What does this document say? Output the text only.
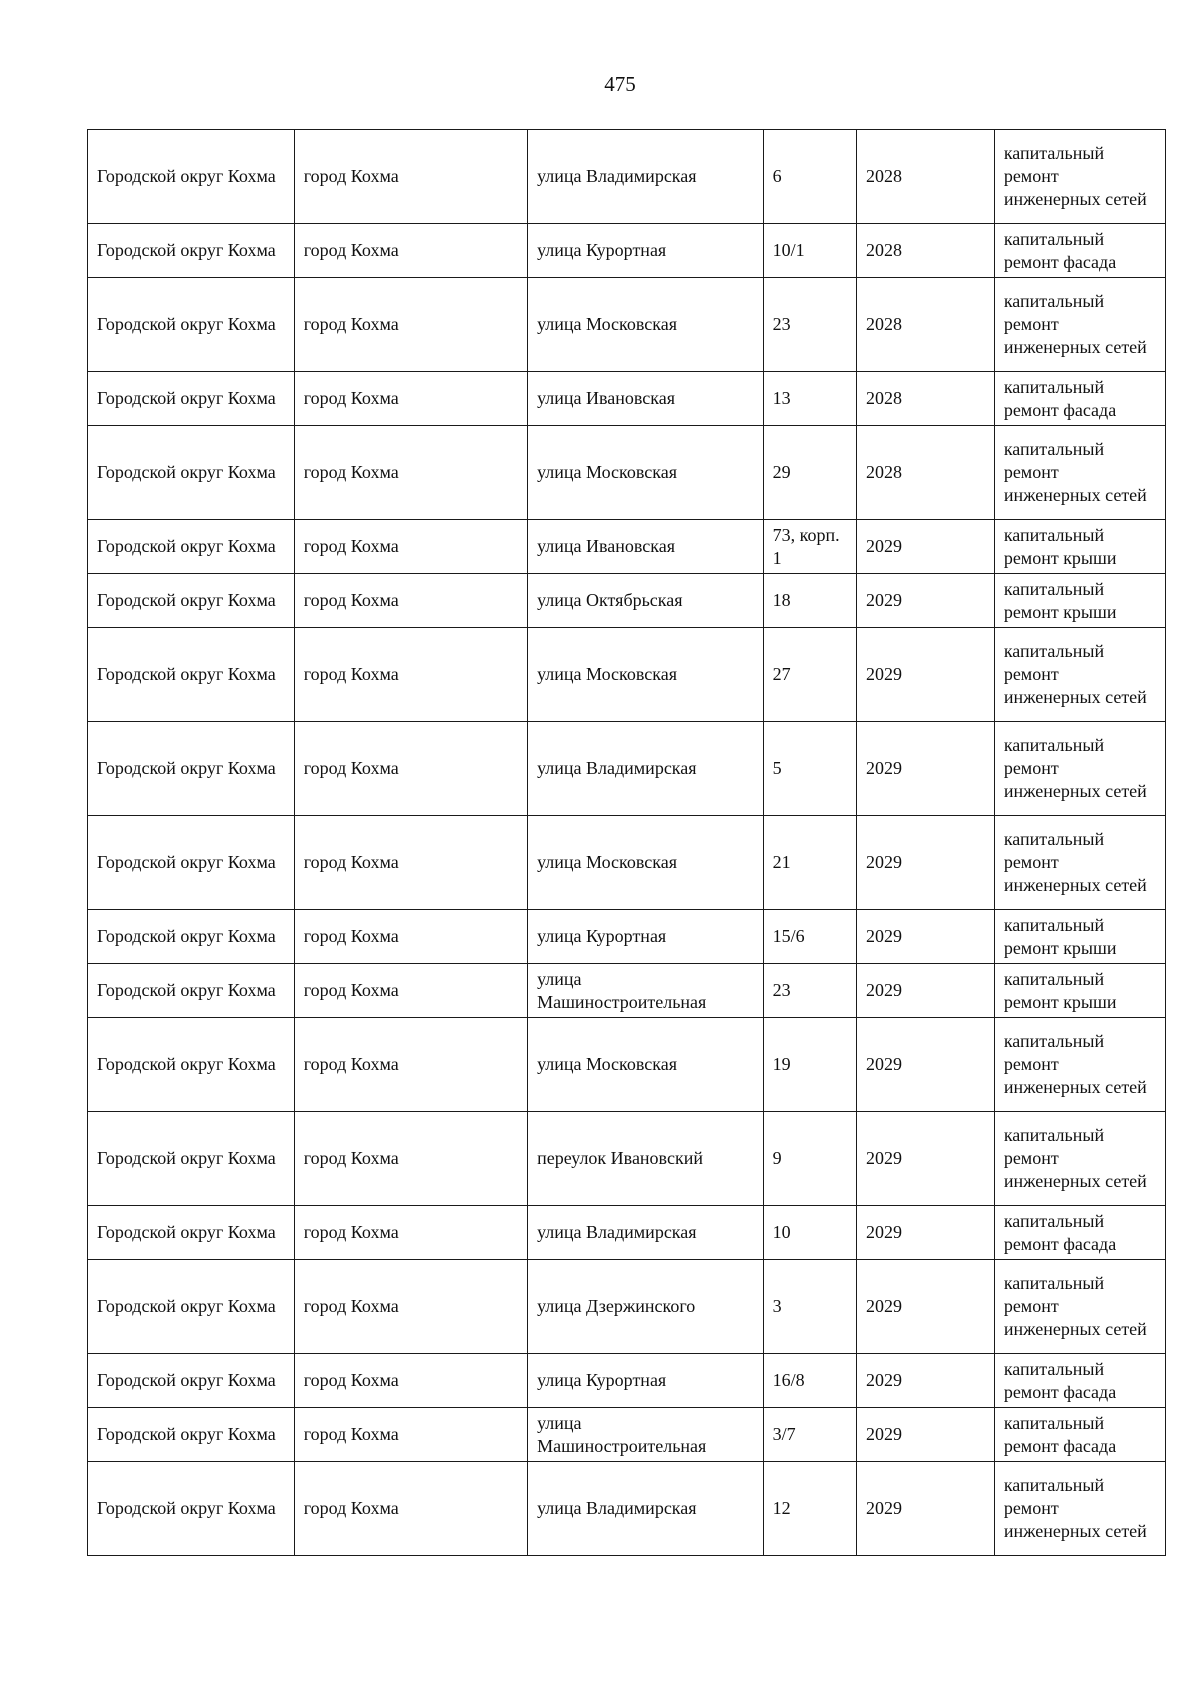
475
Городской округ Кохма	город Кохма	улица Владимирская	6	2028	капитальный ремонт инженерных сетей
Городской округ Кохма	город Кохма	улица Курортная	10/1	2028	капитальный ремонт фасада
Городской округ Кохма	город Кохма	улица Московская	23	2028	капитальный ремонт инженерных сетей
Городской округ Кохма	город Кохма	улица Ивановская	13	2028	капитальный ремонт фасада
Городской округ Кохма	город Кохма	улица Московская	29	2028	капитальный ремонт инженерных сетей
Городской округ Кохма	город Кохма	улица Ивановская	73, корп. 1	2029	капитальный ремонт крыши
Городской округ Кохма	город Кохма	улица Октябрьская	18	2029	капитальный ремонт крыши
Городской округ Кохма	город Кохма	улица Московская	27	2029	капитальный ремонт инженерных сетей
Городской округ Кохма	город Кохма	улица Владимирская	5	2029	капитальный ремонт инженерных сетей
Городской округ Кохма	город Кохма	улица Московская	21	2029	капитальный ремонт инженерных сетей
Городской округ Кохма	город Кохма	улица Курортная	15/6	2029	капитальный ремонт крыши
Городской округ Кохма	город Кохма	улица Машиностроительная	23	2029	капитальный ремонт крыши
Городской округ Кохма	город Кохма	улица Московская	19	2029	капитальный ремонт инженерных сетей
Городской округ Кохма	город Кохма	переулок Ивановский	9	2029	капитальный ремонт инженерных сетей
Городской округ Кохма	город Кохма	улица Владимирская	10	2029	капитальный ремонт фасада
Городской округ Кохма	город Кохма	улица Дзержинского	3	2029	капитальный ремонт инженерных сетей
Городской округ Кохма	город Кохма	улица Курортная	16/8	2029	капитальный ремонт фасада
Городской округ Кохма	город Кохма	улица Машиностроительная	3/7	2029	капитальный ремонт фасада
Городской округ Кохма	город Кохма	улица Владимирская	12	2029	капитальный ремонт инженерных сетей
